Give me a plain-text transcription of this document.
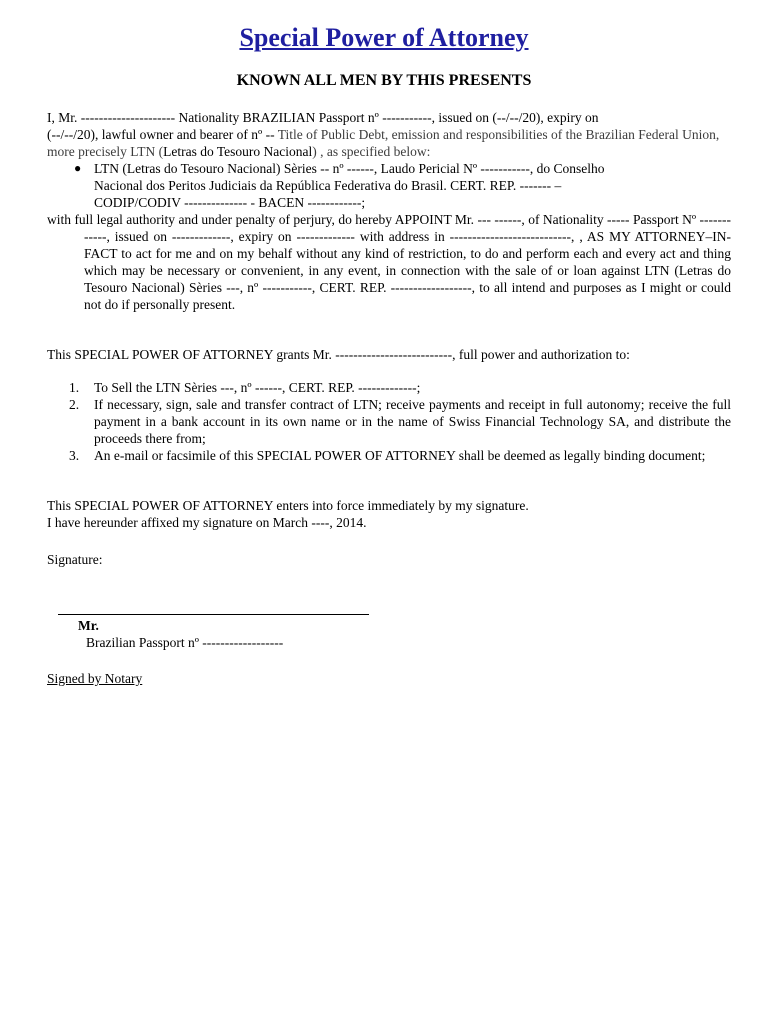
Special Power of Attorney
KNOWN ALL MEN BY THIS PRESENTS
I, Mr. --------------------- Nationality BRAZILIAN Passport nº -----------, issued on (--/--/20), expiry on
(--/--/20), lawful owner and bearer of nº -- Title of Public Debt, emission and responsibilities of the Brazilian Federal Union, more precisely LTN (Letras do Tesouro Nacional) , as specified below:
● LTN (Letras do Tesouro Nacional) Sèries -- nº ------, Laudo Pericial Nº -----------, do Conselho
Nacional dos Peritos Judiciais da República Federativa do Brasil. CERT. REP. ------- –
CODIP/CODIV -------------- - BACEN ------------;
with full legal authority and under penalty of perjury, do hereby APPOINT Mr. --- ------, of Nationality ----- Passport Nº ------------, issued on -------------, expiry on ------------- with address in ---------------------------, , AS MY ATTORNEY–IN-FACT to act for me and on my behalf without any kind of restriction, to do and perform each and every act and thing which may be necessary or convenient, in any event, in connection with the sale of or loan against LTN (Letras do Tesouro Nacional) Sèries ---, nº -----------, CERT. REP. ------------------, to all intend and purposes as I might or could not do if personally present.
This SPECIAL POWER OF ATTORNEY grants Mr. --------------------------, full power and authorization to:
1.	To Sell the LTN Sèries ---, nº ------, CERT. REP. -------------;
2.	If necessary, sign, sale and transfer contract of LTN; receive payments and receipt in full autonomy; receive the full payment in a bank account in its own name or in the name of Swiss Financial Technology SA, and distribute the proceeds there from;
3.	An e-mail or facsimile of this SPECIAL POWER OF ATTORNEY shall be deemed as legally binding document;
This SPECIAL POWER OF ATTORNEY enters into force immediately by my signature.
I have hereunder affixed my signature on March ----, 2014.
Signature:
Mr.
Brazilian Passport nº ------------------
Signed by Notary
